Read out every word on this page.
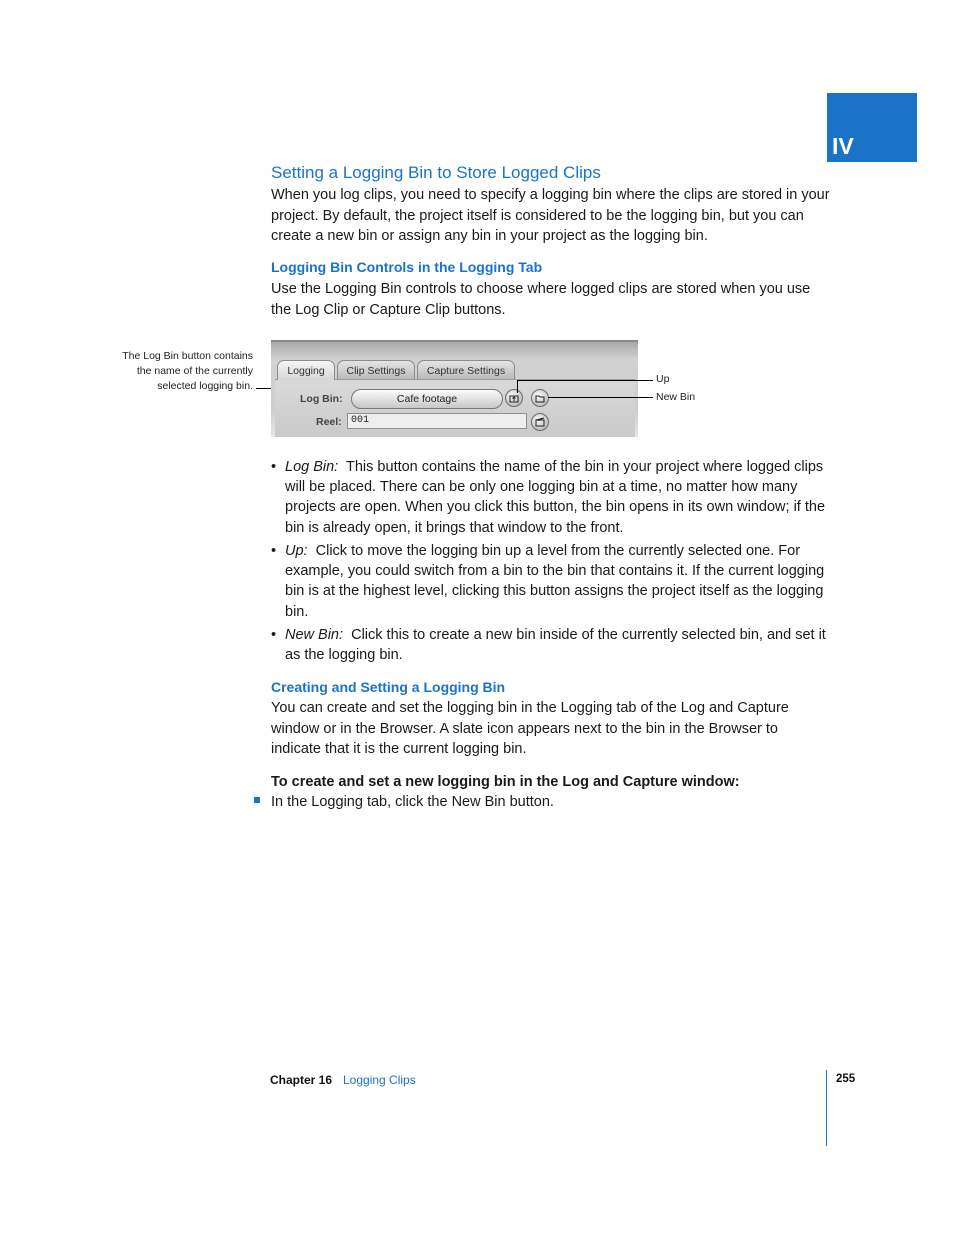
IV
Setting a Logging Bin to Store Logged Clips

When you log clips, you need to specify a logging bin where the clips are stored in your project. By default, the project itself is considered to be the logging bin, but you can create a new bin or assign any bin in your project as the logging bin.

Logging Bin Controls in the Logging Tab

Use the Logging Bin controls to choose where logged clips are stored when you use the Log Clip or Capture Clip buttons.

The Log Bin button contains the name of the currently selected logging bin.
Up
New Bin
Logging	Clip Settings	Capture Settings
Log Bin:	Cafe footage
Reel: 001
• Log Bin: This button contains the name of the bin in your project where logged clips will be placed. There can be only one logging bin at a time, no matter how many projects are open. When you click this button, the bin opens in its own window; if the bin is already open, it brings that window to the front.
• Up: Click to move the logging bin up a level from the currently selected one. For example, you could switch from a bin to the bin that contains it. If the current logging bin is at the highest level, clicking this button assigns the project itself as the logging bin.
• New Bin: Click this to create a new bin inside of the currently selected bin, and set it as the logging bin.
Creating and Setting a Logging Bin

You can create and set the logging bin in the Logging tab of the Log and Capture window or in the Browser. A slate icon appears next to the bin in the Browser to indicate that it is the current logging bin.

To create and set a new logging bin in the Log and Capture window:
In the Logging tab, click the New Bin button.
Chapter 16 Logging Clips	255
